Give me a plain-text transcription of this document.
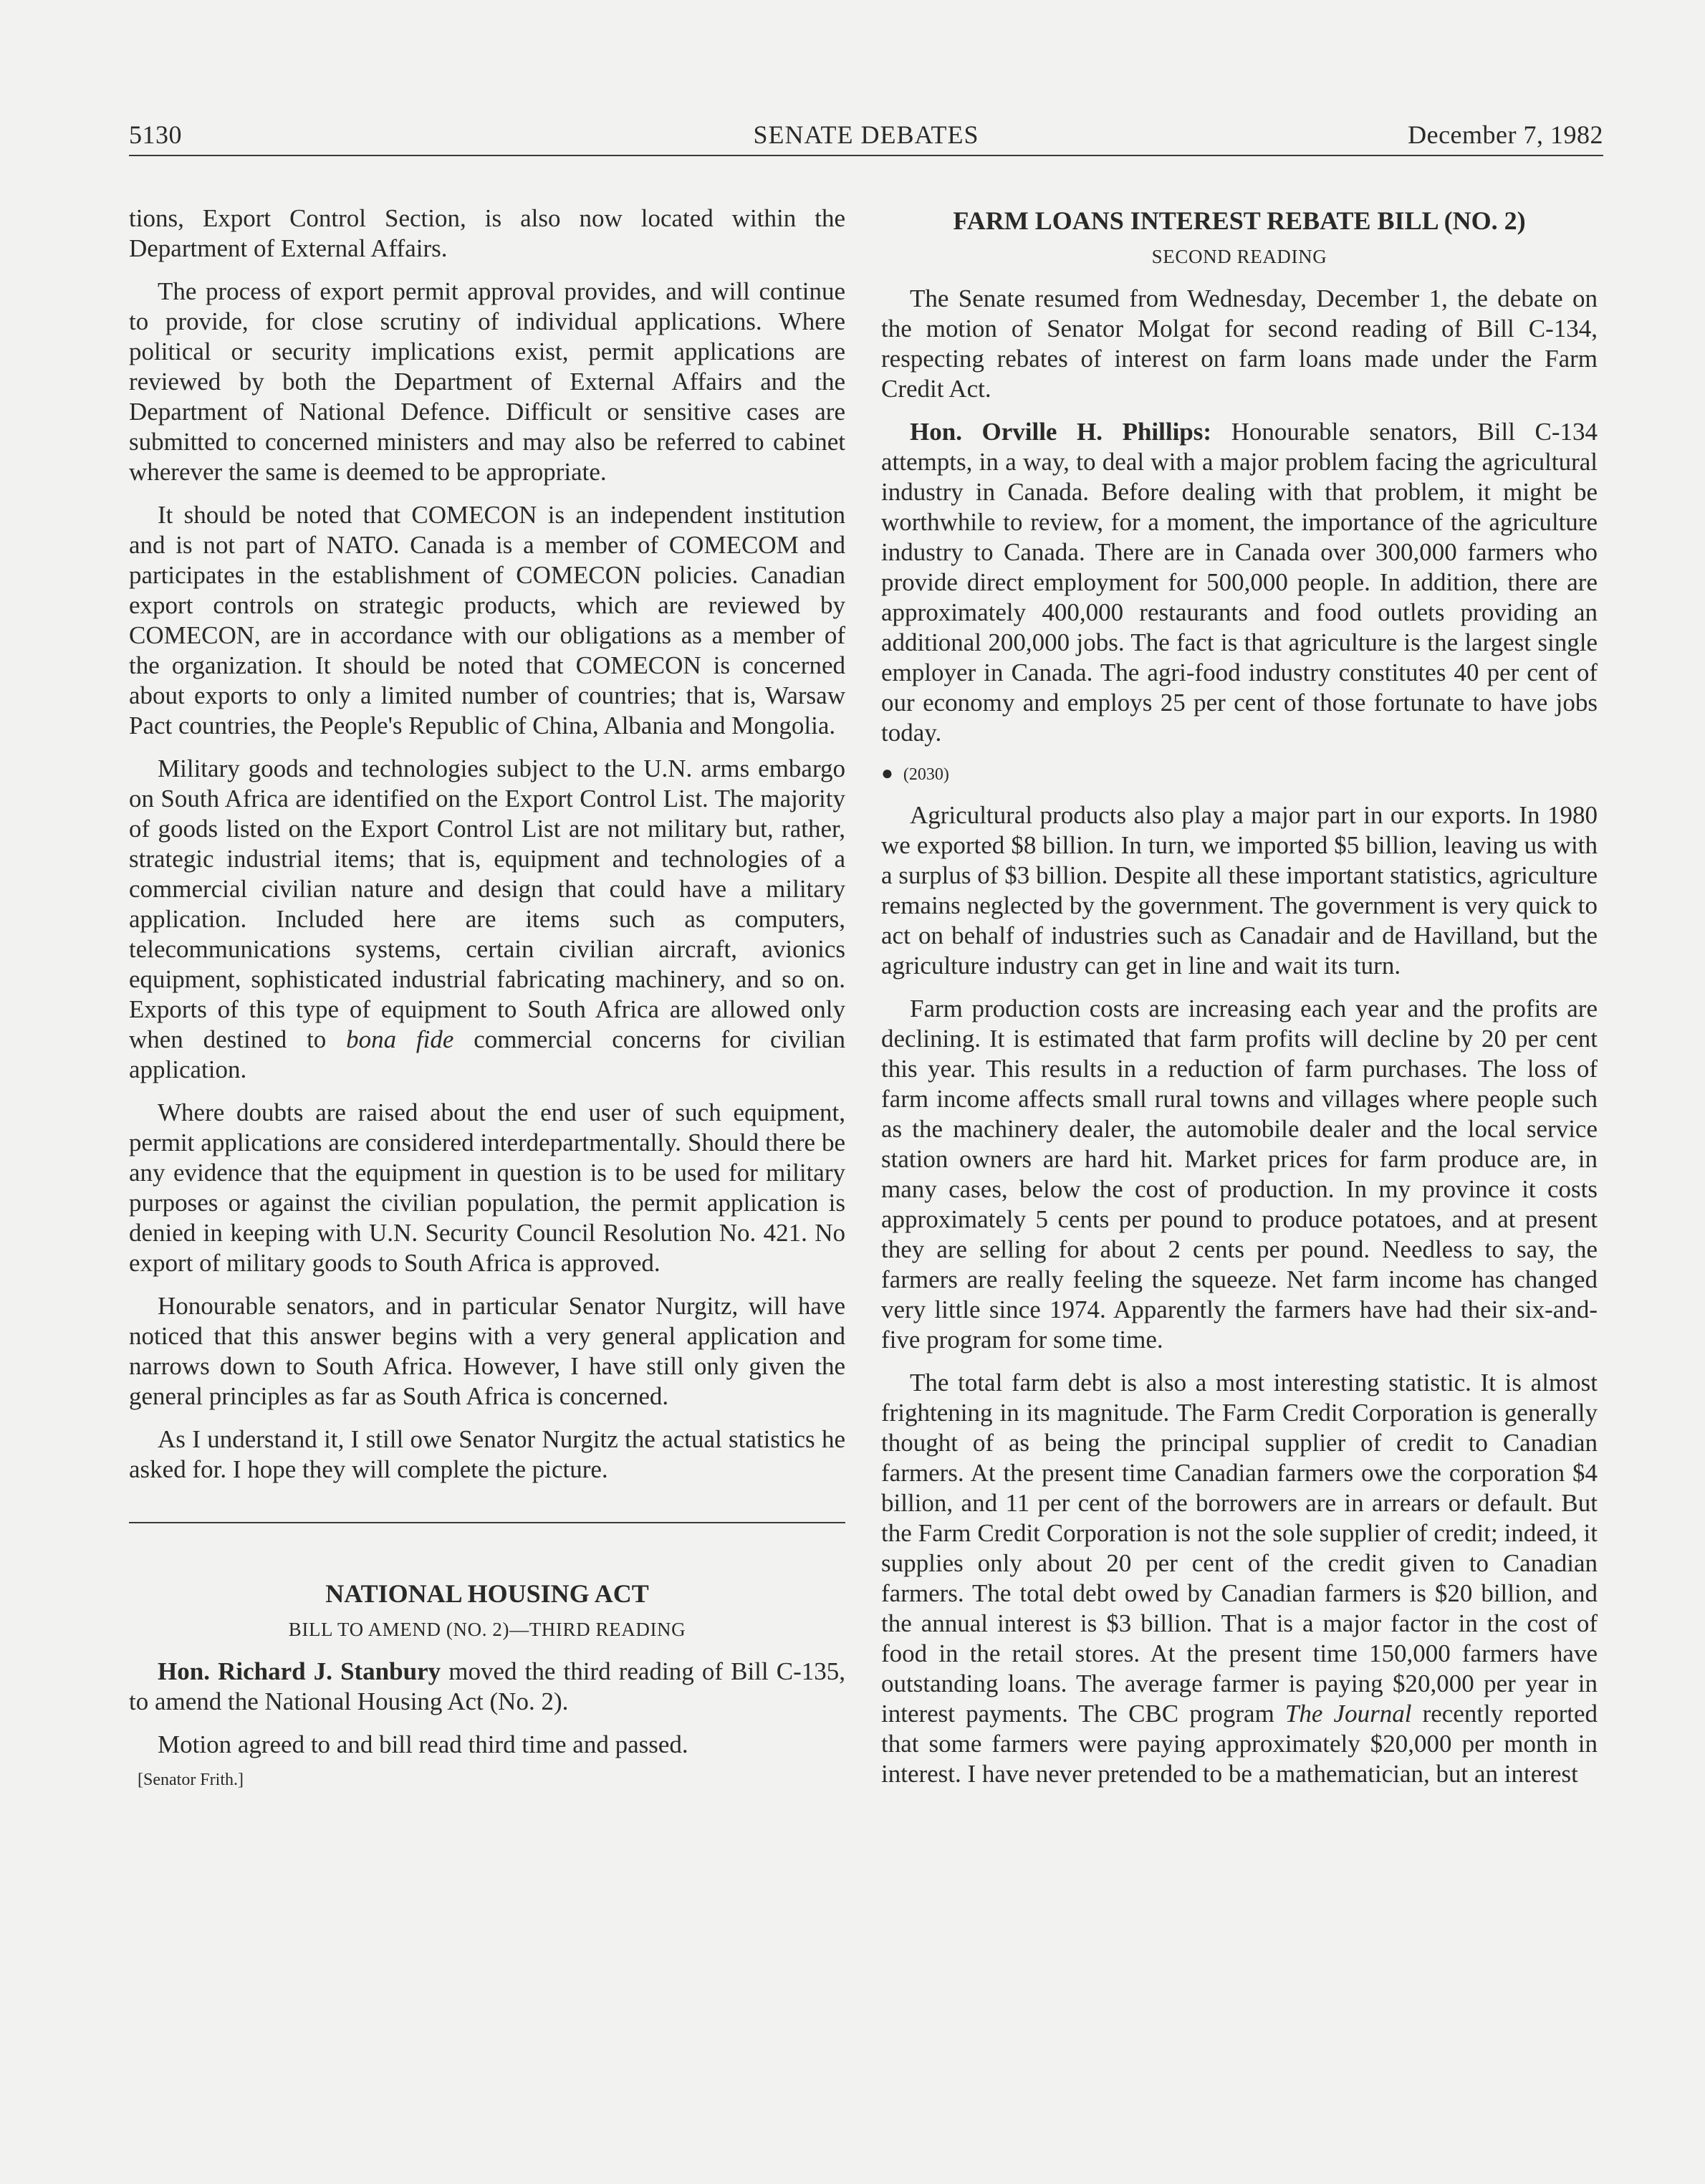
5130	SENATE DEBATES	December 7, 1982

tions, Export Control Section, is also now located within the Department of External Affairs.

The process of export permit approval provides, and will continue to provide, for close scrutiny of individual applications. Where political or security implications exist, permit applications are reviewed by both the Department of External Affairs and the Department of National Defence. Difficult or sensitive cases are submitted to concerned ministers and may also be referred to cabinet wherever the same is deemed to be appropriate.

It should be noted that COMECON is an independent institution and is not part of NATO. Canada is a member of COMECOM and participates in the establishment of COMECON policies. Canadian export controls on strategic products, which are reviewed by COMECON, are in accordance with our obligations as a member of the organization. It should be noted that COMECON is concerned about exports to only a limited number of countries; that is, Warsaw Pact countries, the People's Republic of China, Albania and Mongolia.

Military goods and technologies subject to the U.N. arms embargo on South Africa are identified on the Export Control List. The majority of goods listed on the Export Control List are not military but, rather, strategic industrial items; that is, equipment and technologies of a commercial civilian nature and design that could have a military application. Included here are items such as computers, telecommunications systems, certain civilian aircraft, avionics equipment, sophisticated industrial fabricating machinery, and so on. Exports of this type of equipment to South Africa are allowed only when destined to bona fide commercial concerns for civilian application.

Where doubts are raised about the end user of such equipment, permit applications are considered interdepartmentally. Should there be any evidence that the equipment in question is to be used for military purposes or against the civilian population, the permit application is denied in keeping with U.N. Security Council Resolution No. 421. No export of military goods to South Africa is approved.

Honourable senators, and in particular Senator Nurgitz, will have noticed that this answer begins with a very general application and narrows down to South Africa. However, I have still only given the general principles as far as South Africa is concerned.

As I understand it, I still owe Senator Nurgitz the actual statistics he asked for. I hope they will complete the picture.

NATIONAL HOUSING ACT
BILL TO AMEND (NO. 2)—THIRD READING

Hon. Richard J. Stanbury moved the third reading of Bill C-135, to amend the National Housing Act (No. 2).

Motion agreed to and bill read third time and passed.

[Senator Frith.]
FARM LOANS INTEREST REBATE BILL (NO. 2)
SECOND READING

The Senate resumed from Wednesday, December 1, the debate on the motion of Senator Molgat for second reading of Bill C-134, respecting rebates of interest on farm loans made under the Farm Credit Act.

Hon. Orville H. Phillips: Honourable senators, Bill C-134 attempts, in a way, to deal with a major problem facing the agricultural industry in Canada. Before dealing with that problem, it might be worthwhile to review, for a moment, the importance of the agriculture industry to Canada. There are in Canada over 300,000 farmers who provide direct employment for 500,000 people. In addition, there are approximately 400,000 restaurants and food outlets providing an additional 200,000 jobs. The fact is that agriculture is the largest single employer in Canada. The agri-food industry constitutes 40 per cent of our economy and employs 25 per cent of those fortunate to have jobs today.

● (2030)

Agricultural products also play a major part in our exports. In 1980 we exported $8 billion. In turn, we imported $5 billion, leaving us with a surplus of $3 billion. Despite all these important statistics, agriculture remains neglected by the government. The government is very quick to act on behalf of industries such as Canadair and de Havilland, but the agriculture industry can get in line and wait its turn.

Farm production costs are increasing each year and the profits are declining. It is estimated that farm profits will decline by 20 per cent this year. This results in a reduction of farm purchases. The loss of farm income affects small rural towns and villages where people such as the machinery dealer, the automobile dealer and the local service station owners are hard hit. Market prices for farm produce are, in many cases, below the cost of production. In my province it costs approximately 5 cents per pound to produce potatoes, and at present they are selling for about 2 cents per pound. Needless to say, the farmers are really feeling the squeeze. Net farm income has changed very little since 1974. Apparently the farmers have had their six-and-five program for some time.

The total farm debt is also a most interesting statistic. It is almost frightening in its magnitude. The Farm Credit Corporation is generally thought of as being the principal supplier of credit to Canadian farmers. At the present time Canadian farmers owe the corporation $4 billion, and 11 per cent of the borrowers are in arrears or default. But the Farm Credit Corporation is not the sole supplier of credit; indeed, it supplies only about 20 per cent of the credit given to Canadian farmers. The total debt owed by Canadian farmers is $20 billion, and the annual interest is $3 billion. That is a major factor in the cost of food in the retail stores. At the present time 150,000 farmers have outstanding loans. The average farmer is paying $20,000 per year in interest payments. The CBC program The Journal recently reported that some farmers were paying approximately $20,000 per month in interest. I have never pretended to be a mathematician, but an interest
